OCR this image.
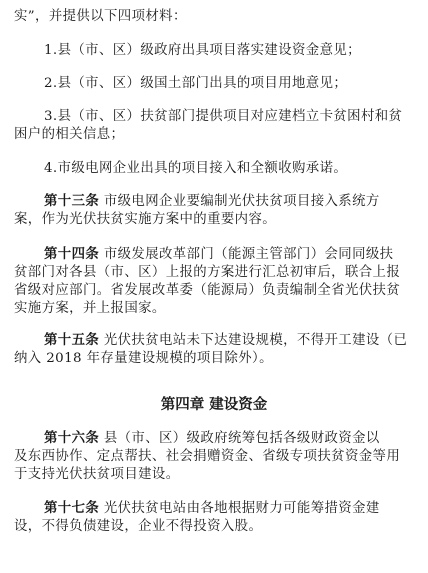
实”，并提供以下四项材料：
1.县（市、区）级政府出具项目落实建设资金意见；
2.县（市、区）级国土部门出具的项目用地意见；
3.县（市、区）扶贫部门提供项目对应建档立卡贫困村和贫
困户的相关信息；
4.市级电网企业出具的项目接入和全额收购承诺。
第十三条 市级电网企业要编制光伏扶贫项目接入系统方
案，作为光伏扶贫实施方案中的重要内容。
第十四条 市级发展改革部门（能源主管部门）会同同级扶
贫部门对各县（市、区）上报的方案进行汇总初审后，联合上报
省级对应部门。省发展改革委（能源局）负责编制全省光伏扶贫
实施方案，并上报国家。
第十五条 光伏扶贫电站未下达建设规模，不得开工建设（已
纳入 2018 年存量建设规模的项目除外）。
第四章 建设资金
第十六条 县（市、区）级政府统筹包括各级财政资金以
及东西协作、定点帮扶、社会捐赠资金、省级专项扶贫资金等用
于支持光伏扶贫项目建设。
第十七条 光伏扶贫电站由各地根据财力可能筹措资金建
设，不得负债建设，企业不得投资入股。
